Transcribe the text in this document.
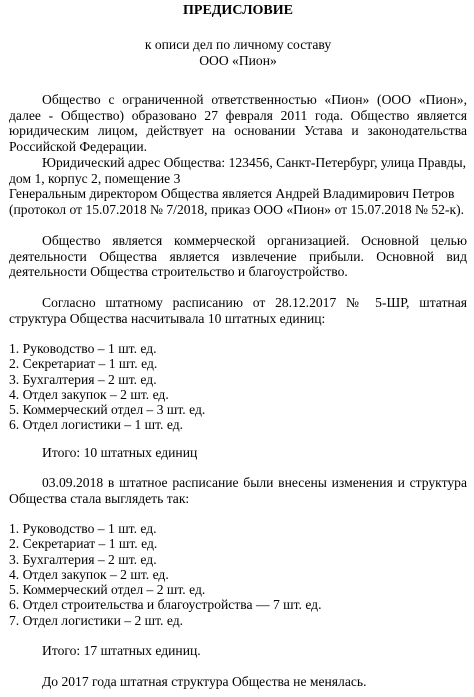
ПРЕДИСЛОВИЕ
к описи дел по личному составу
ООО «Пион»
Общество с ограниченной ответственностью «Пион» (ООО «Пион», далее - Общество) образовано 27 февраля 2011 года. Общество является юридическим лицом, действует на основании Устава и законодательства Российской Федерации.
Юридический адрес Общества: 123456, Санкт-Петербург, улица Правды,
дом 1, корпус 2, помещение 3
Генеральным директором Общества является Андрей Владимирович Петров
(протокол от 15.07.2018 № 7/2018, приказ ООО «Пион» от 15.07.2018 № 52-к).
Общество является коммерческой организацией. Основной целью деятельности Общества является извлечение прибыли. Основной вид деятельности Общества строительство и благоустройство.
Согласно штатному расписанию от 28.12.2017 № 5-ШР, штатная структура Общества насчитывала 10 штатных единиц:
1. Руководство – 1 шт. ед.
2. Секретариат – 1 шт. ед.
3. Бухгалтерия – 2 шт. ед.
4. Отдел закупок – 2 шт. ед.
5. Коммерческий отдел – 3 шт. ед.
6. Отдел логистики – 1 шт. ед.
Итого: 10 штатных единиц
03.09.2018 в штатное расписание были внесены изменения и структура Общества стала выглядеть так:
1. Руководство – 1 шт. ед.
2. Секретариат – 1 шт. ед.
3. Бухгалтерия – 2 шт. ед.
4. Отдел закупок – 2 шт. ед.
5. Коммерческий отдел – 2 шт. ед.
6. Отдел строительства и благоустройства — 7 шт. ед.
7. Отдел логистики – 2 шт. ед.
Итого: 17 штатных единиц.
До 2017 года штатная структура Общества не менялась.
